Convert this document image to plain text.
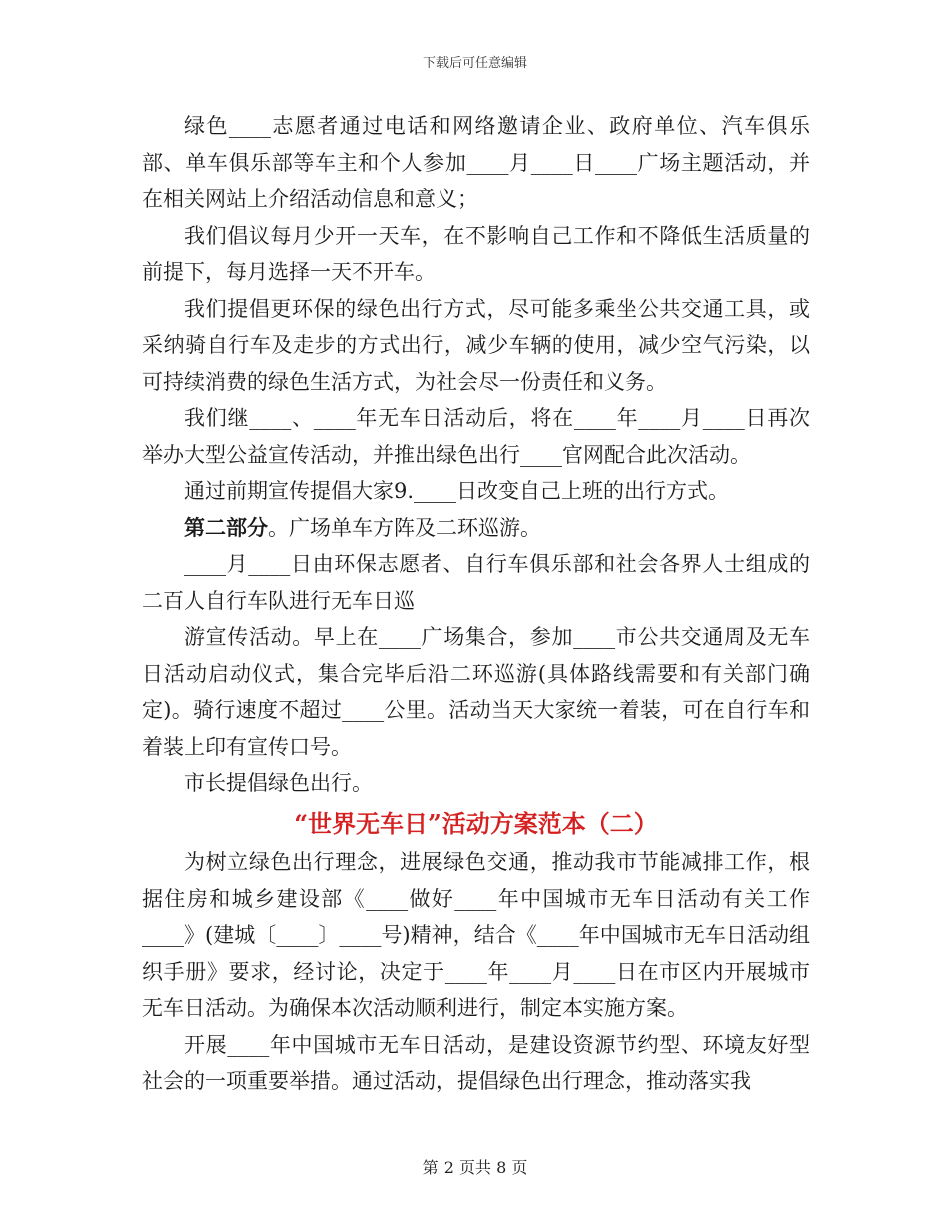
下载后可任意编辑

绿色____志愿者通过电话和网络邀请企业、政府单位、汽车俱乐部、单车俱乐部等车主和个人参加____月____日____广场主题活动，并在相关网站上介绍活动信息和意义；

我们倡议每月少开一天车，在不影响自己工作和不降低生活质量的前提下，每月选择一天不开车。

我们提倡更环保的绿色出行方式，尽可能多乘坐公共交通工具，或采纳骑自行车及走步的方式出行，减少车辆的使用，减少空气污染，以可持续消费的绿色生活方式，为社会尽一份责任和义务。

我们继____、____年无车日活动后，将在____年____月____日再次举办大型公益宣传活动，并推出绿色出行____官网配合此次活动。

通过前期宣传提倡大家9.____日改变自己上班的出行方式。

第二部分。广场单车方阵及二环巡游。

____月____日由环保志愿者、自行车俱乐部和社会各界人士组成的二百人自行车队进行无车日巡

游宣传活动。早上在____广场集合，参加____市公共交通周及无车日活动启动仪式，集合完毕后沿二环巡游(具体路线需要和有关部门确定)。骑行速度不超过____公里。活动当天大家统一着装，可在自行车和着装上印有宣传口号。

市长提倡绿色出行。

“世界无车日”活动方案范本（二）

为树立绿色出行理念，进展绿色交通，推动我市节能减排工作，根据住房和城乡建设部《____做好____年中国城市无车日活动有关工作____》(建城〔____〕____号)精神，结合《____年中国城市无车日活动组织手册》要求，经讨论，决定于____年____月____日在市区内开展城市无车日活动。为确保本次活动顺利进行，制定本实施方案。

开展____年中国城市无车日活动，是建设资源节约型、环境友好型社会的一项重要举措。通过活动，提倡绿色出行理念，推动落实我

第 2 页共 8 页
